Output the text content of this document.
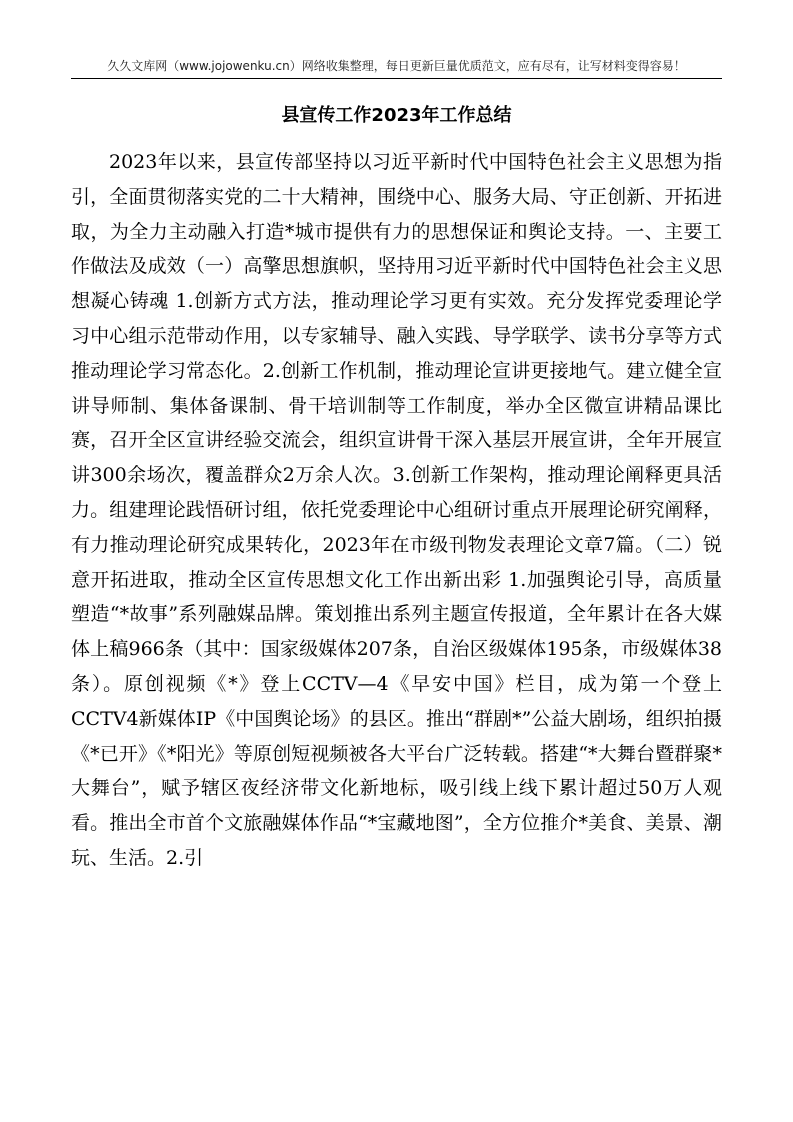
久久文库网（www.jojowenku.cn）网络收集整理，每日更新巨量优质范文，应有尽有，让写材料变得容易！
县宣传工作2023年工作总结

2023年以来，县宣传部坚持以习近平新时代中国特色社会主义思想为指引，全面贯彻落实党的二十大精神，围绕中心、服务大局、守正创新、开拓进取，为全力主动融入打造*城市提供有力的思想保证和舆论支持。一、主要工作做法及成效（一）高擎思想旗帜，坚持用习近平新时代中国特色社会主义思想凝心铸魂 1.创新方式方法，推动理论学习更有实效。充分发挥党委理论学习中心组示范带动作用，以专家辅导、融入实践、导学联学、读书分享等方式推动理论学习常态化。2.创新工作机制，推动理论宣讲更接地气。建立健全宣讲导师制、集体备课制、骨干培训制等工作制度，举办全区微宣讲精品课比赛，召开全区宣讲经验交流会，组织宣讲骨干深入基层开展宣讲，全年开展宣讲300余场次，覆盖群众2万余人次。3.创新工作架构，推动理论阐释更具活力。组建理论践悟研讨组，依托党委理论中心组研讨重点开展理论研究阐释，有力推动理论研究成果转化，2023年在市级刊物发表理论文章7篇。（二）锐意开拓进取，推动全区宣传思想文化工作出新出彩 1.加强舆论引导，高质量塑造“*故事”系列融媒品牌。策划推出系列主题宣传报道，全年累计在各大媒体上稿966条（其中：国家级媒体207条，自治区级媒体195条，市级媒体38条）。原创视频《*》登上CCTV—4《早安中国》栏目，成为第一个登上CCTV4新媒体IP《中国舆论场》的县区。推出“群剧*”公益大剧场，组织拍摄《*已开》《*阳光》等原创短视频被各大平台广泛转载。搭建“*大舞台暨群聚*大舞台”，赋予辖区夜经济带文化新地标，吸引线上线下累计超过50万人观看。推出全市首个文旅融媒体作品“*宝藏地图”，全方位推介*美食、美景、潮玩、生活。2.引
